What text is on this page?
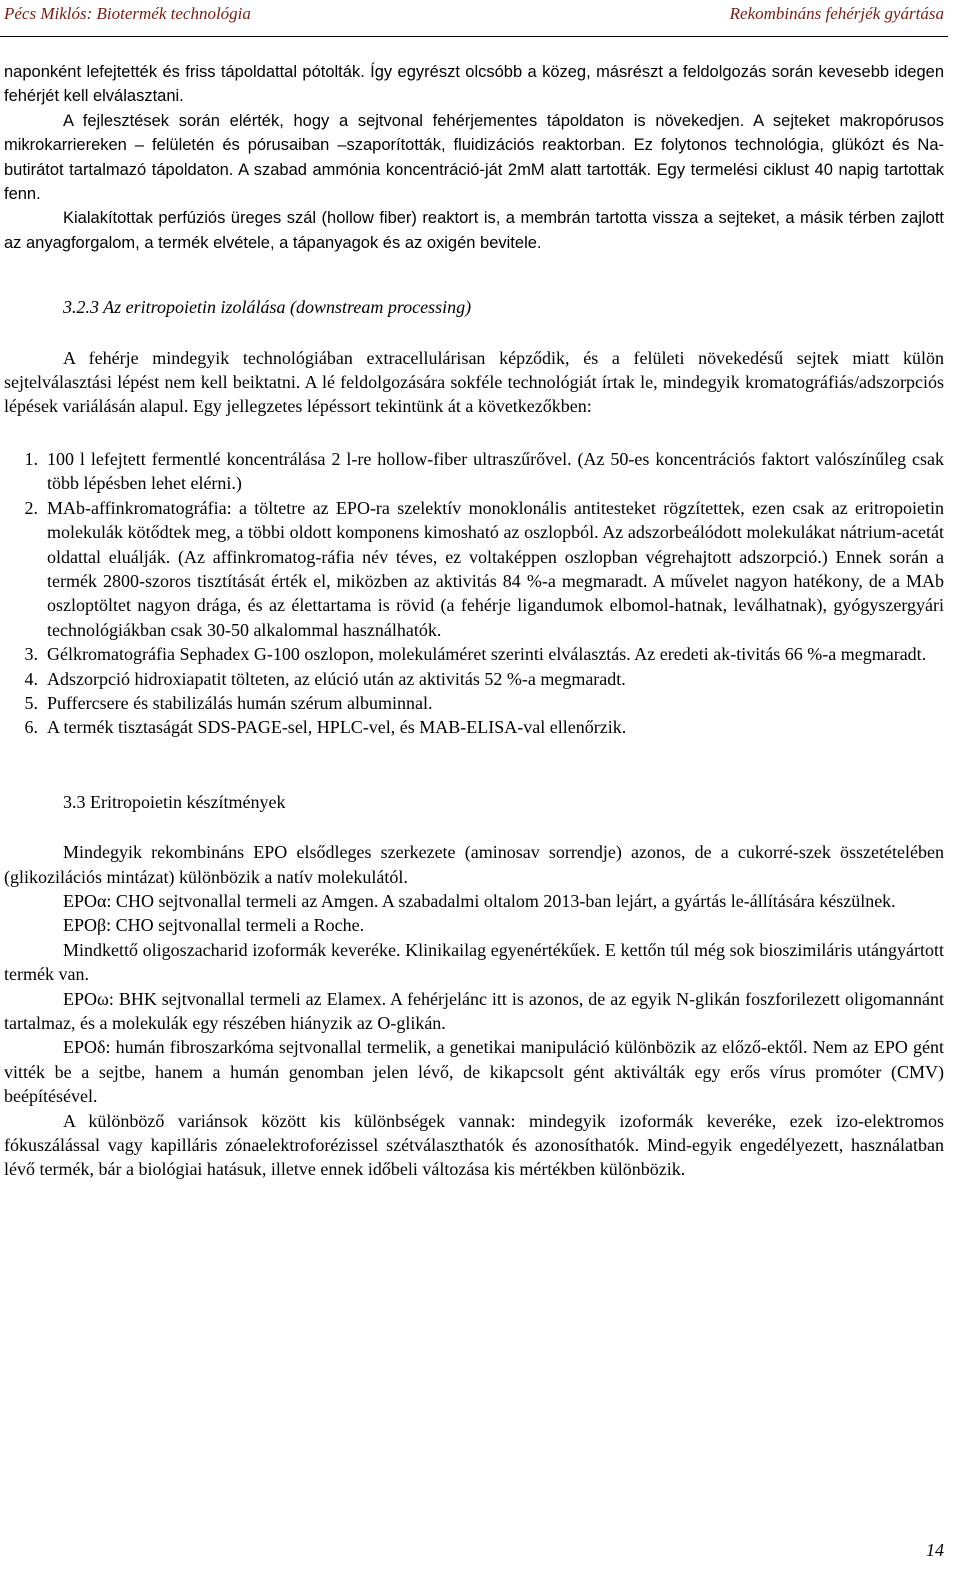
Pécs Miklós: Biotermék technológia	Rekombináns fehérjék gyártása

naponként lefejtették és friss tápoldattal pótolták. Így egyrészt olcsóbb a közeg, másrészt a feldolgozás során kevesebb idegen fehérjét kell elválasztani.

A fejlesztések során elérték, hogy a sejtvonal fehérjementes tápoldaton is növekedjen. A sejteket makropórusos mikrokarriereken – felületén és pórusaiban –szaporították, fluidizációs reaktorban. Ez folytonos technológia, glükózt és Na-butirátot tartalmazó tápoldaton. A szabad ammónia koncentráció-ját 2mM alatt tartották. Egy termelési ciklust 40 napig tartottak fenn.

Kialakítottak perfúziós üreges szál (hollow fiber) reaktort is, a membrán tartotta vissza a sejteket, a másik térben zajlott az anyagforgalom, a termék elvétele, a tápanyagok és az oxigén bevitele.

3.2.3 Az eritropoietin izolálása (downstream processing)

A fehérje mindegyik technológiában extracellulárisan képződik, és a felületi növekedésű sejtek miatt külön sejtelválasztási lépést nem kell beiktatni. A lé feldolgozására sokféle technológiát írtak le, mindegyik kromatográfiás/adszorpciós lépések variálásán alapul. Egy jellegzetes lépéssort tekintünk át a következőkben:

1. 100 l lefejtett fermentlé koncentrálása 2 l-re hollow-fiber ultraszűrővel. (Az 50-es koncentrációs faktort valószínűleg csak több lépésben lehet elérni.)
2. MAb-affinkromatográfia: a töltetre az EPO-ra szelektív monoklonális antitesteket rögzítettek, ezen csak az eritropoietin molekulák kötődtek meg, a többi oldott komponens kimosható az oszlopból. Az adszorbeálódott molekulákat nátrium-acetát oldattal eluálják. (Az affinkromatog-ráfia név téves, ez voltaképpen oszlopban végrehajtott adszorpció.) Ennek során a termék 2800-szoros tisztítását érték el, miközben az aktivitás 84 %-a megmaradt. A művelet nagyon hatékony, de a MAb oszloptöltet nagyon drága, és az élettartama is rövid (a fehérje ligandumok elbomol-hatnak, leválhatnak), gyógyszergyári technológiákban csak 30-50 alkalommal használhatók.
3. Gélkromatográfia Sephadex G-100 oszlopon, molekuláméret szerinti elválasztás. Az eredeti ak-tivitás 66 %-a megmaradt.
4. Adszorpció hidroxiapatit tölteten, az elúció után az aktivitás 52 %-a megmaradt.
5. Puffercsere és stabilizálás humán szérum albuminnal.
6. A termék tisztaságát SDS-PAGE-sel, HPLC-vel, és MAB-ELISA-val ellenőrzik.

3.3 Eritropoietin készítmények

Mindegyik rekombináns EPO elsődleges szerkezete (aminosav sorrendje) azonos, de a cukorré-szek összetételében (glikozilációs mintázat) különbözik a natív molekulától.

EPOα: CHO sejtvonallal termeli az Amgen. A szabadalmi oltalom 2013-ban lejárt, a gyártás le-állítására készülnek.

EPOβ: CHO sejtvonallal termeli a Roche.

Mindkettő oligoszacharid izoformák keveréke. Klinikailag egyenértékűek. E kettőn túl még sok bioszimiláris utángyártott termék van.

EPOω: BHK sejtvonallal termeli az Elamex. A fehérjelánc itt is azonos, de az egyik N-glikán foszforilezett oligomannánt tartalmaz, és a molekulák egy részében hiányzik az O-glikán.

EPOδ: humán fibroszarkóma sejtvonallal termelik, a genetikai manipuláció különbözik az előző-ektől. Nem az EPO gént vitték be a sejtbe, hanem a humán genomban jelen lévő, de kikapcsolt gént aktiválták egy erős vírus promóter (CMV) beépítésével.

A különböző variánsok között kis különbségek vannak: mindegyik izoformák keveréke, ezek izo-elektromos fókuszálással vagy kapilláris zónaelektroforézissel szétválaszthatók és azonosíthatók. Mind-egyik engedélyezett, használatban lévő termék, bár a biológiai hatásuk, illetve ennek időbeli változása kis mértékben különbözik.

14
